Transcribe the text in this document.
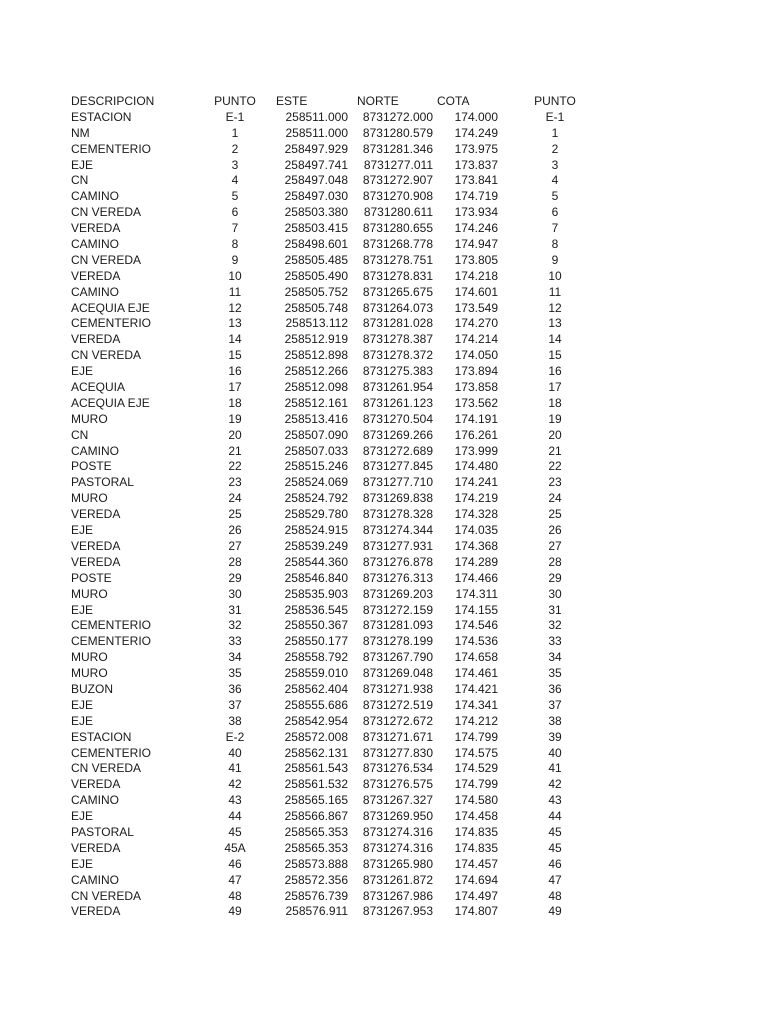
DESCRIPCION	PUNTO	ESTE	NORTE	COTA	PUNTO
ESTACION	E-1	258511.000	8731272.000	174.000	E-1
NM	1	258511.000	8731280.579	174.249	1
CEMENTERIO	2	258497.929	8731281.346	173.975	2
EJE	3	258497.741	8731277.011	173.837	3
CN	4	258497.048	8731272.907	173.841	4
CAMINO	5	258497.030	8731270.908	174.719	5
CN VEREDA	6	258503.380	8731280.611	173.934	6
VEREDA	7	258503.415	8731280.655	174.246	7
CAMINO	8	258498.601	8731268.778	174.947	8
CN VEREDA	9	258505.485	8731278.751	173.805	9
VEREDA	10	258505.490	8731278.831	174.218	10
CAMINO	11	258505.752	8731265.675	174.601	11
ACEQUIA EJE	12	258505.748	8731264.073	173.549	12
CEMENTERIO	13	258513.112	8731281.028	174.270	13
VEREDA	14	258512.919	8731278.387	174.214	14
CN VEREDA	15	258512.898	8731278.372	174.050	15
EJE	16	258512.266	8731275.383	173.894	16
ACEQUIA	17	258512.098	8731261.954	173.858	17
ACEQUIA EJE	18	258512.161	8731261.123	173.562	18
MURO	19	258513.416	8731270.504	174.191	19
CN	20	258507.090	8731269.266	176.261	20
CAMINO	21	258507.033	8731272.689	173.999	21
POSTE	22	258515.246	8731277.845	174.480	22
PASTORAL	23	258524.069	8731277.710	174.241	23
MURO	24	258524.792	8731269.838	174.219	24
VEREDA	25	258529.780	8731278.328	174.328	25
EJE	26	258524.915	8731274.344	174.035	26
VEREDA	27	258539.249	8731277.931	174.368	27
VEREDA	28	258544.360	8731276.878	174.289	28
POSTE	29	258546.840	8731276.313	174.466	29
MURO	30	258535.903	8731269.203	174.311	30
EJE	31	258536.545	8731272.159	174.155	31
CEMENTERIO	32	258550.367	8731281.093	174.546	32
CEMENTERIO	33	258550.177	8731278.199	174.536	33
MURO	34	258558.792	8731267.790	174.658	34
MURO	35	258559.010	8731269.048	174.461	35
BUZON	36	258562.404	8731271.938	174.421	36
EJE	37	258555.686	8731272.519	174.341	37
EJE	38	258542.954	8731272.672	174.212	38
ESTACION	E-2	258572.008	8731271.671	174.799	39
CEMENTERIO	40	258562.131	8731277.830	174.575	40
CN VEREDA	41	258561.543	8731276.534	174.529	41
VEREDA	42	258561.532	8731276.575	174.799	42
CAMINO	43	258565.165	8731267.327	174.580	43
EJE	44	258566.867	8731269.950	174.458	44
PASTORAL	45	258565.353	8731274.316	174.835	45
VEREDA	45A	258565.353	8731274.316	174.835	45
EJE	46	258573.888	8731265.980	174.457	46
CAMINO	47	258572.356	8731261.872	174.694	47
CN VEREDA	48	258576.739	8731267.986	174.497	48
VEREDA	49	258576.911	8731267.953	174.807	49
